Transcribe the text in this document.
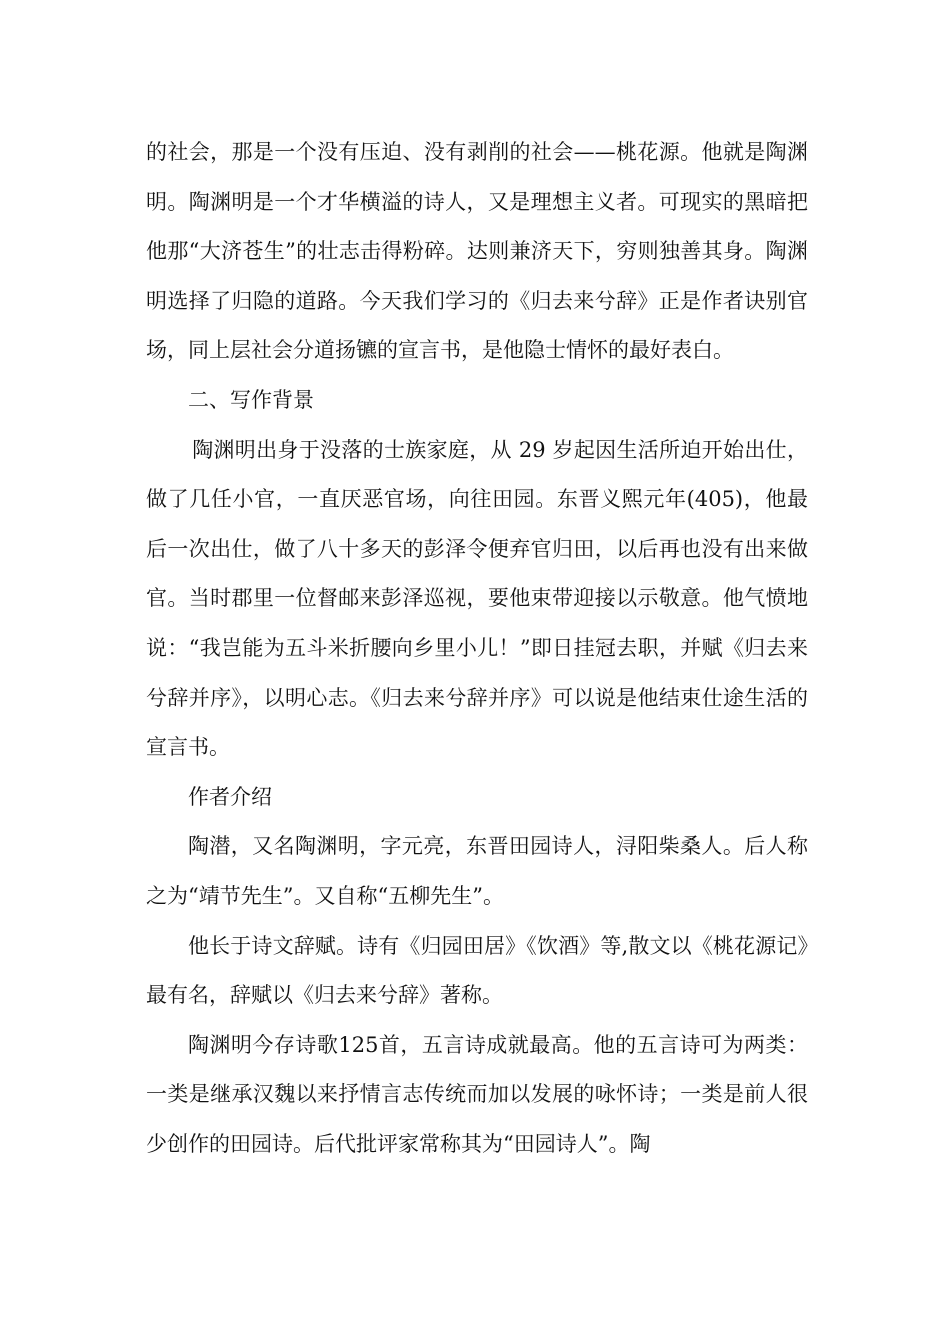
的社会，那是一个没有压迫、没有剥削的社会——桃花源。他就是陶渊明。陶渊明是一个才华横溢的诗人，又是理想主义者。可现实的黑暗把他那“大济苍生”的壮志击得粉碎。达则兼济天下，穷则独善其身。陶渊明选择了归隐的道路。今天我们学习的《归去来兮辞》正是作者诀别官场，同上层社会分道扬镳的宣言书，是他隐士情怀的最好表白。

二、写作背景

陶渊明出身于没落的士族家庭，从 29 岁起因生活所迫开始出仕，做了几任小官，一直厌恶官场，向往田园。东晋义熙元年(405)，他最后一次出仕，做了八十多天的彭泽令便弃官归田，以后再也没有出来做官。当时郡里一位督邮来彭泽巡视，要他束带迎接以示敬意。他气愤地说：“我岂能为五斗米折腰向乡里小儿！”即日挂冠去职，并赋《归去来兮辞并序》，以明心志。《归去来兮辞并序》可以说是他结束仕途生活的宣言书。

作者介绍

陶潜，又名陶渊明，字元亮，东晋田园诗人，浔阳柴桑人。后人称之为“靖节先生”。又自称“五柳先生”。

他长于诗文辞赋。诗有《归园田居》《饮酒》等,散文以《桃花源记》最有名，辞赋以《归去来兮辞》著称。

陶渊明今存诗歌125首，五言诗成就最高。他的五言诗可为两类：一类是继承汉魏以来抒情言志传统而加以发展的咏怀诗；一类是前人很少创作的田园诗。后代批评家常称其为“田园诗人”。陶
